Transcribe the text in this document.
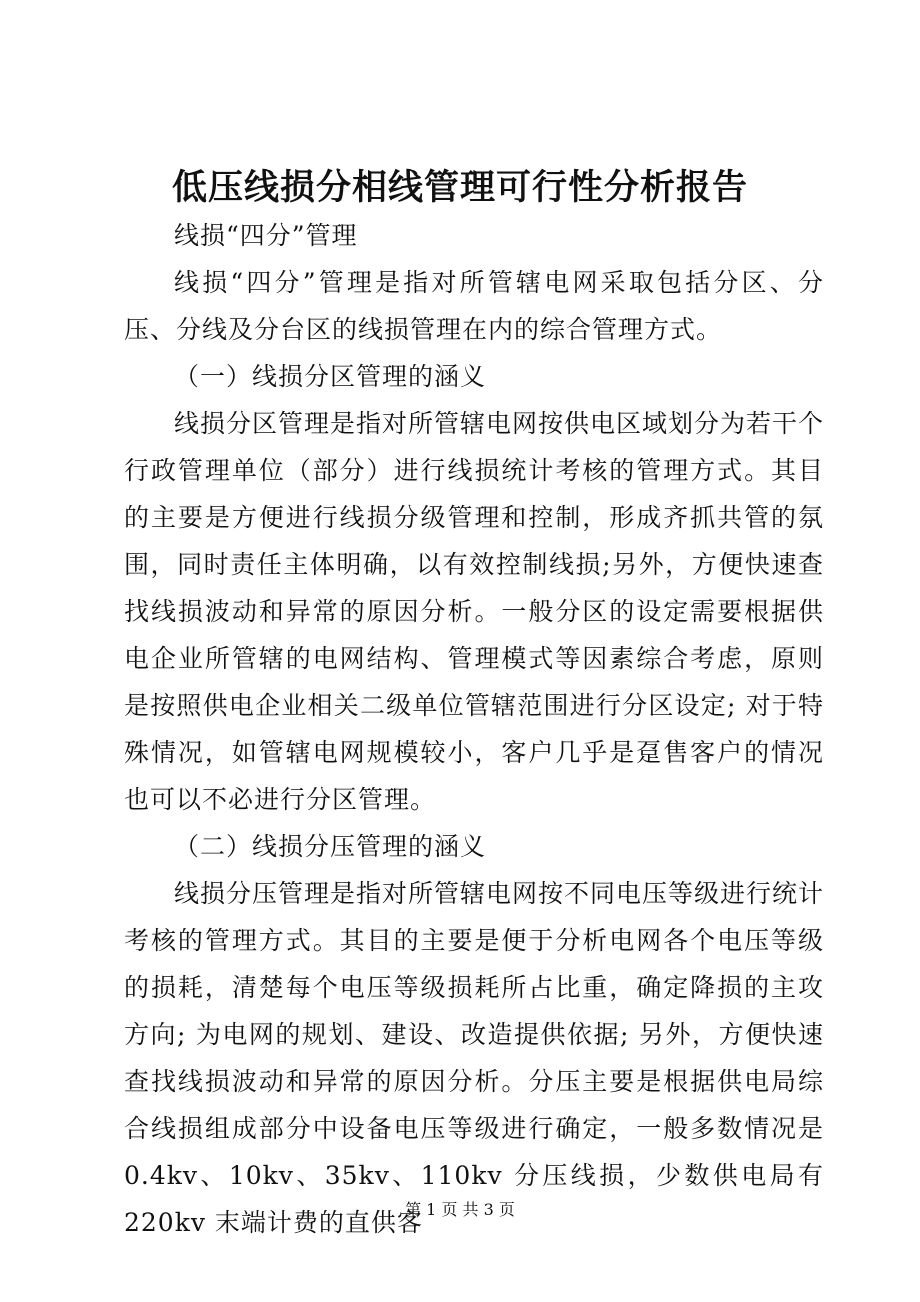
低压线损分相线管理可行性分析报告

线损“四分”管理

线损“四分”管理是指对所管辖电网采取包括分区、分压、分线及分台区的线损管理在内的综合管理方式。

（一）线损分区管理的涵义

线损分区管理是指对所管辖电网按供电区域划分为若干个行政管理单位（部分）进行线损统计考核的管理方式。其目的主要是方便进行线损分级管理和控制，形成齐抓共管的氛围，同时责任主体明确，以有效控制线损;另外，方便快速查找线损波动和异常的原因分析。一般分区的设定需要根据供电企业所管辖的电网结构、管理模式等因素综合考虑，原则是按照供电企业相关二级单位管辖范围进行分区设定; 对于特殊情况，如管辖电网规模较小，客户几乎是趸售客户的情况也可以不必进行分区管理。

（二）线损分压管理的涵义

线损分压管理是指对所管辖电网按不同电压等级进行统计考核的管理方式。其目的主要是便于分析电网各个电压等级的损耗，清楚每个电压等级损耗所占比重，确定降损的主攻方向; 为电网的规划、建设、改造提供依据; 另外，方便快速查找线损波动和异常的原因分析。分压主要是根据供电局综合线损组成部分中设备电压等级进行确定，一般多数情况是 0.4kv、10kv、35kv、110kv 分压线损，少数供电局有 220kv 末端计费的直供客

第 1 页 共 3 页
